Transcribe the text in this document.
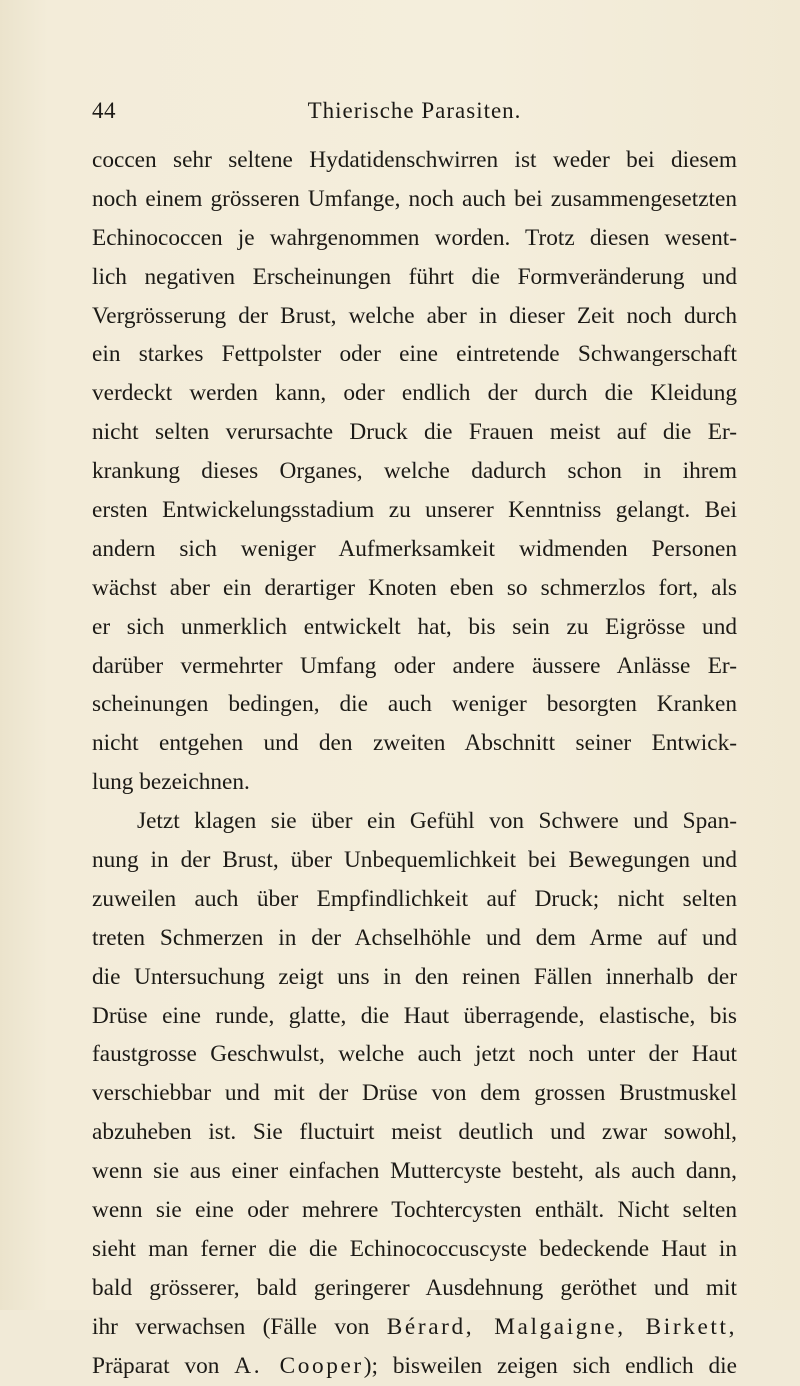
44	Thierische Parasiten.
coccen sehr seltene Hydatidenschwirren ist weder bei diesem
noch einem grösseren Umfange, noch auch bei zusammengesetzten
Echinococcen je wahrgenommen worden. Trotz diesen wesent-
lich negativen Erscheinungen führt die Formveränderung und
Vergrösserung der Brust, welche aber in dieser Zeit noch durch
ein starkes Fettpolster oder eine eintretende Schwangerschaft
verdeckt werden kann, oder endlich der durch die Kleidung
nicht selten verursachte Druck die Frauen meist auf die Er-
krankung dieses Organes, welche dadurch schon in ihrem
ersten Entwickelungsstadium zu unserer Kenntniss gelangt. Bei
andern sich weniger Aufmerksamkeit widmenden Personen
wächst aber ein derartiger Knoten eben so schmerzlos fort, als
er sich unmerklich entwickelt hat, bis sein zu Eigrösse und
darüber vermehrter Umfang oder andere äussere Anlässe Er-
scheinungen bedingen, die auch weniger besorgten Kranken
nicht entgehen und den zweiten Abschnitt seiner Entwick-
lung bezeichnen.
Jetzt klagen sie über ein Gefühl von Schwere und Span-
nung in der Brust, über Unbequemlichkeit bei Bewegungen und
zuweilen auch über Empfindlichkeit auf Druck; nicht selten
treten Schmerzen in der Achselhöhle und dem Arme auf und
die Untersuchung zeigt uns in den reinen Fällen innerhalb der
Drüse eine runde, glatte, die Haut überragende, elastische, bis
faustgrosse Geschwulst, welche auch jetzt noch unter der Haut
verschiebbar und mit der Drüse von dem grossen Brustmuskel
abzuheben ist. Sie fluctuirt meist deutlich und zwar sowohl,
wenn sie aus einer einfachen Muttercyste besteht, als auch dann,
wenn sie eine oder mehrere Tochtercysten enthält. Nicht selten
sieht man ferner die die Echinococcuscyste bedeckende Haut in
bald grösserer, bald geringerer Ausdehnung geröthet und mit
ihr verwachsen (Fälle von Bérard, Malgaigne, Birkett,
Präparat von A. Cooper); bisweilen zeigen sich endlich die
